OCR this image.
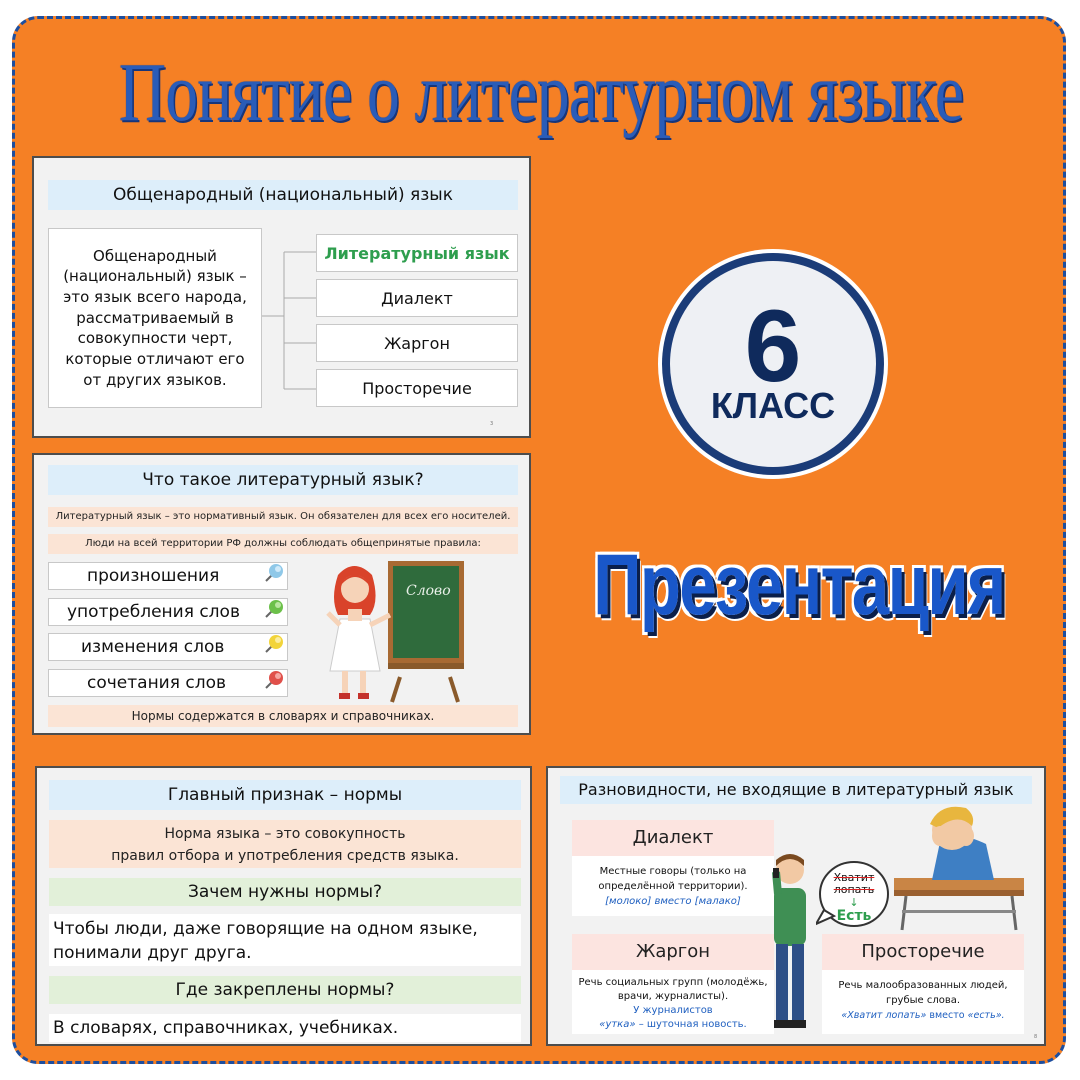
Понятие о литературном языке
Общенародный (национальный) язык
Общенародный (национальный) язык – это язык всего народа, рассматриваемый в совокупности черт, которые отличают его от других языков.
Литературный язык
Диалект
Жаргон
Просторечие
3
Что такое литературный язык?
Литературный язык – это нормативный язык. Он обязателен для всех его носителей.
Люди на всей территории РФ должны соблюдать общепринятые правила:
произношения
употребления слов
изменения слов
сочетания слов
Слово
Нормы содержатся в словарях и справочниках.
Главный признак – нормы
Норма языка – это совокупность
правил отбора и употребления средств языка.
Зачем нужны нормы?
Чтобы люди, даже говорящие на одном языке, понимали друг друга.
Где закреплены нормы?
В словарях, справочниках, учебниках.
Разновидности, не входящие в литературный язык
Диалект
Местные говоры (только на определённой территории).
[молоко] вместо [малако]
Жаргон
Речь социальных групп (молодёжь, врачи, журналисты).
У журналистов
«утка» – шуточная новость.
Просторечие
Речь малообразованных людей, грубые слова.
«Хватит лопать» вместо «есть».
Хватит лопать
↓
Есть
8
6
КЛАСС
Презентация
